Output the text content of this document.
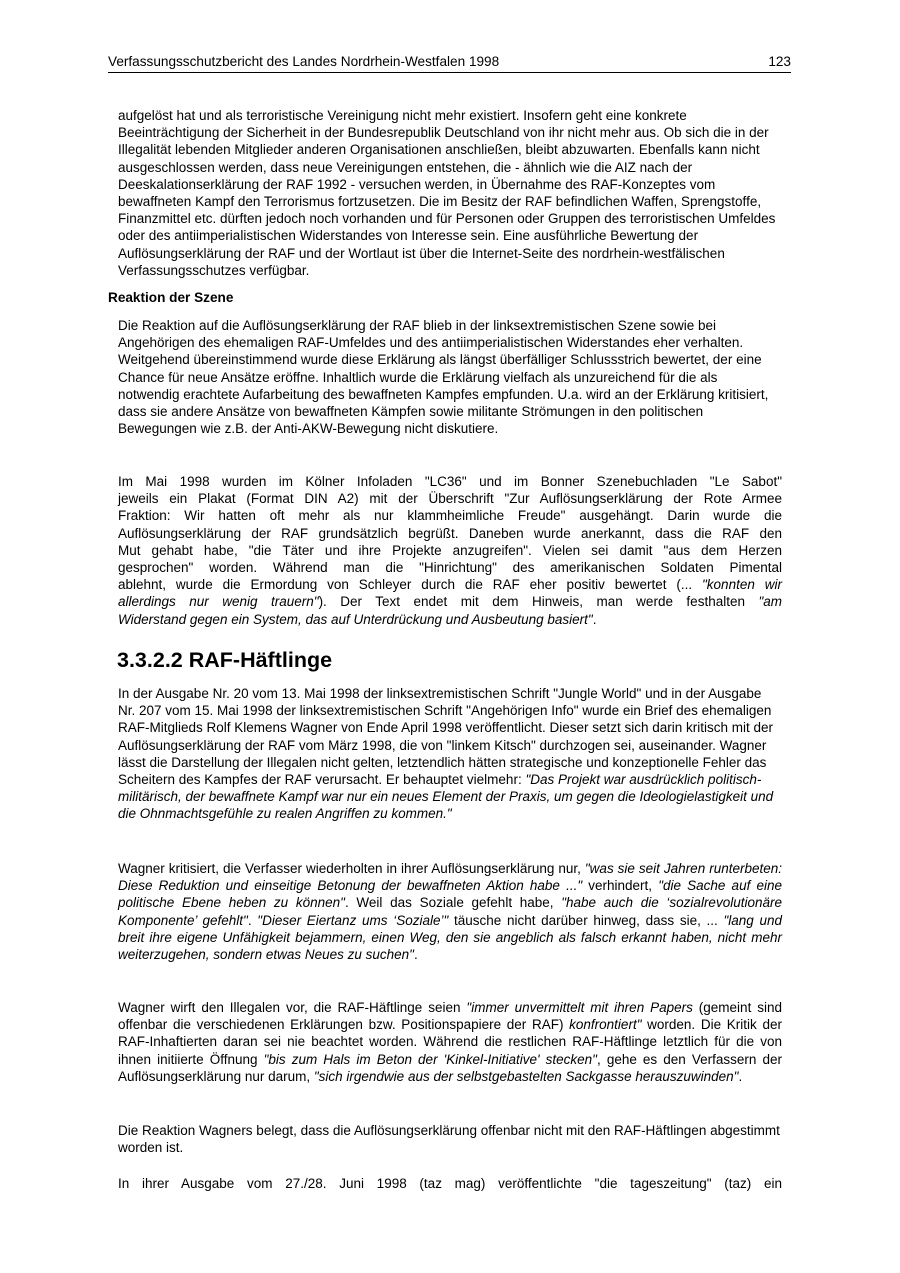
Verfassungsschutzbericht des Landes Nordrhein-Westfalen 1998	123

aufgelöst hat und als terroristische Vereinigung nicht mehr existiert. Insofern geht eine konkrete Beeinträchtigung der Sicherheit in der Bundesrepublik Deutschland von ihr nicht mehr aus. Ob sich die in der Illegalität lebenden Mitglieder anderen Organisationen anschließen, bleibt abzuwarten. Ebenfalls kann nicht ausgeschlossen werden, dass neue Vereinigungen entstehen, die - ähnlich wie die AIZ nach der Deeskalationserklärung der RAF 1992 - versuchen werden, in Übernahme des RAF-Konzeptes vom bewaffneten Kampf den Terrorismus fortzusetzen. Die im Besitz der RAF befindlichen Waffen, Sprengstoffe, Finanzmittel etc. dürften jedoch noch vorhanden und für Personen oder Gruppen des terroristischen Umfeldes oder des antiimperialistischen Widerstandes von Interesse sein. Eine ausführliche Bewertung der Auflösungserklärung der RAF und der Wortlaut ist über die Internet-Seite des nordrhein-westfälischen Verfassungsschutzes verfügbar.

Reaktion der Szene

Die Reaktion auf die Auflösungserklärung der RAF blieb in der linksextremistischen Szene sowie bei Angehörigen des ehemaligen RAF-Umfeldes und des antiimperialistischen Widerstandes eher verhalten. Weitgehend übereinstimmend wurde diese Erklärung als längst überfälliger Schlussstrich bewertet, der eine Chance für neue Ansätze eröffne. Inhaltlich wurde die Erklärung vielfach als unzureichend für die als notwendig erachtete Aufarbeitung des bewaffneten Kampfes empfunden. U.a. wird an der Erklärung kritisiert, dass sie andere Ansätze von bewaffneten Kämpfen sowie militante Strömungen in den politischen Bewegungen wie z.B. der Anti-AKW-Bewegung nicht diskutiere.

Im Mai 1998 wurden im Kölner Infoladen "LC36" und im Bonner Szenebuchladen "Le Sabot"
jeweils ein Plakat (Format DIN A2) mit der Überschrift "Zur Auflösungserklärung der Rote Armee
Fraktion: Wir hatten oft mehr als nur klammheimliche Freude" ausgehängt. Darin wurde die
Auflösungserklärung der RAF grundsätzlich begrüßt. Daneben wurde anerkannt, dass die RAF den
Mut gehabt habe, "die Täter und ihre Projekte anzugreifen". Vielen sei damit "aus dem Herzen
gesprochen" worden. Während man die "Hinrichtung" des amerikanischen Soldaten Pimental
ablehnt, wurde die Ermordung von Schleyer durch die RAF eher positiv bewertet (... "konnten wir
allerdings nur wenig trauern"). Der Text endet mit dem Hinweis, man werde festhalten "am
Widerstand gegen ein System, das auf Unterdrückung und Ausbeutung basiert".

3.3.2.2 RAF-Häftlinge

In der Ausgabe Nr. 20 vom 13. Mai 1998 der linksextremistischen Schrift "Jungle World" und in der Ausgabe Nr. 207 vom 15. Mai 1998 der linksextremistischen Schrift "Angehörigen Info" wurde ein Brief des ehemaligen RAF-Mitglieds Rolf Klemens Wagner von Ende April 1998 veröffentlicht. Dieser setzt sich darin kritisch mit der Auflösungserklärung der RAF vom März 1998, die von "linkem Kitsch" durchzogen sei, auseinander. Wagner lässt die Darstellung der Illegalen nicht gelten, letztendlich hätten strategische und konzeptionelle Fehler das Scheitern des Kampfes der RAF verursacht. Er behauptet vielmehr: "Das Projekt war ausdrücklich politisch-militärisch, der bewaffnete Kampf war nur ein neues Element der Praxis, um gegen die Ideologielastigkeit und die Ohnmachtsgefühle zu realen Angriffen zu kommen."

Wagner kritisiert, die Verfasser wiederholten in ihrer Auflösungserklärung nur, "was sie seit Jahren runterbeten: Diese Reduktion und einseitige Betonung der bewaffneten Aktion habe ..." verhindert, "die Sache auf eine politische Ebene heben zu können". Weil das Soziale gefehlt habe, "habe auch die ‘sozialrevolutionäre Komponente’ gefehlt". "Dieser Eiertanz ums ‘Soziale’" täusche nicht darüber hinweg, dass sie, ... "lang und breit ihre eigene Unfähigkeit bejammern, einen Weg, den sie angeblich als falsch erkannt haben, nicht mehr weiterzugehen, sondern etwas Neues zu suchen".

Wagner wirft den Illegalen vor, die RAF-Häftlinge seien "immer unvermittelt mit ihren Papers (gemeint sind offenbar die verschiedenen Erklärungen bzw. Positionspapiere der RAF) konfrontiert" worden. Die Kritik der RAF-Inhaftierten daran sei nie beachtet worden. Während die restlichen RAF-Häftlinge letztlich für die von ihnen initiierte Öffnung "bis zum Hals im Beton der 'Kinkel-Initiative' stecken", gehe es den Verfassern der Auflösungserklärung nur darum, "sich irgendwie aus der selbstgebastelten Sackgasse herauszuwinden".

Die Reaktion Wagners belegt, dass die Auflösungserklärung offenbar nicht mit den RAF-Häftlingen abgestimmt worden ist.

In ihrer Ausgabe vom 27./28. Juni 1998 (taz mag) veröffentlichte "die tageszeitung" (taz) ein
